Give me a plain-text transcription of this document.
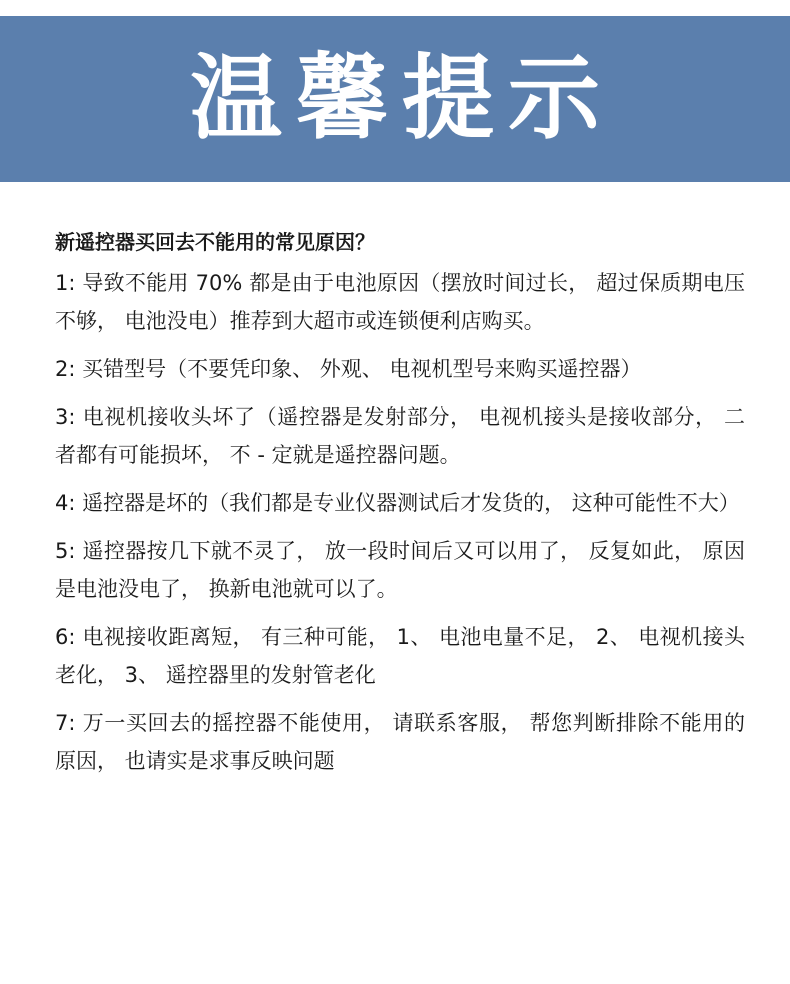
温馨提示
新遥控器买回去不能用的常见原因？
1: 导致不能用 70% 都是由于电池原因（摆放时间过长， 超过保质期电压不够， 电池没电）推荐到大超市或连锁便利店购买。
2: 买错型号（不要凭印象、 外观、 电视机型号来购买遥控器）
3: 电视机接收头坏了（遥控器是发射部分， 电视机接头是接收部分， 二者都有可能损坏， 不 - 定就是遥控器问题。
4: 遥控器是坏的（我们都是专业仪器测试后才发货的， 这种可能性不大）
5: 遥控器按几下就不灵了， 放一段时间后又可以用了， 反复如此， 原因是电池没电了， 换新电池就可以了。
6: 电视接收距离短， 有三种可能， 1、 电池电量不足， 2、 电视机接头老化， 3、 遥控器里的发射管老化
7: 万一买回去的摇控器不能使用， 请联系客服， 帮您判断排除不能用的原因， 也请实是求事反映问题
